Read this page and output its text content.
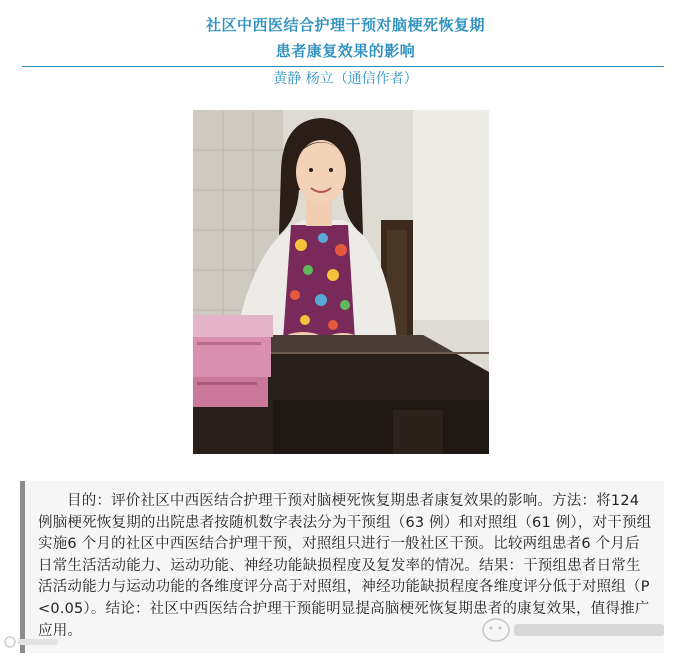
社区中西医结合护理干预对脑梗死恢复期
患者康复效果的影响
黄静 杨立（通信作者）
目的：评价社区中西医结合护理干预对脑梗死恢复期患者康复效果的影响。方法：将124 例脑梗死恢复期的出院患者按随机数字表法分为干预组（63 例）和对照组（61 例），对干预组实施6 个月的社区中西医结合护理干预，对照组只进行一般社区干预。比较两组患者6 个月后日常生活活动能力、运动功能、神经功能缺损程度及复发率的情况。结果：干预组患者日常生活活动能力与运动功能的各维度评分高于对照组，神经功能缺损程度各维度评分低于对照组（P <0.05）。结论：社区中西医结合护理干预能明显提高脑梗死恢复期患者的康复效果，值得推广应用。
